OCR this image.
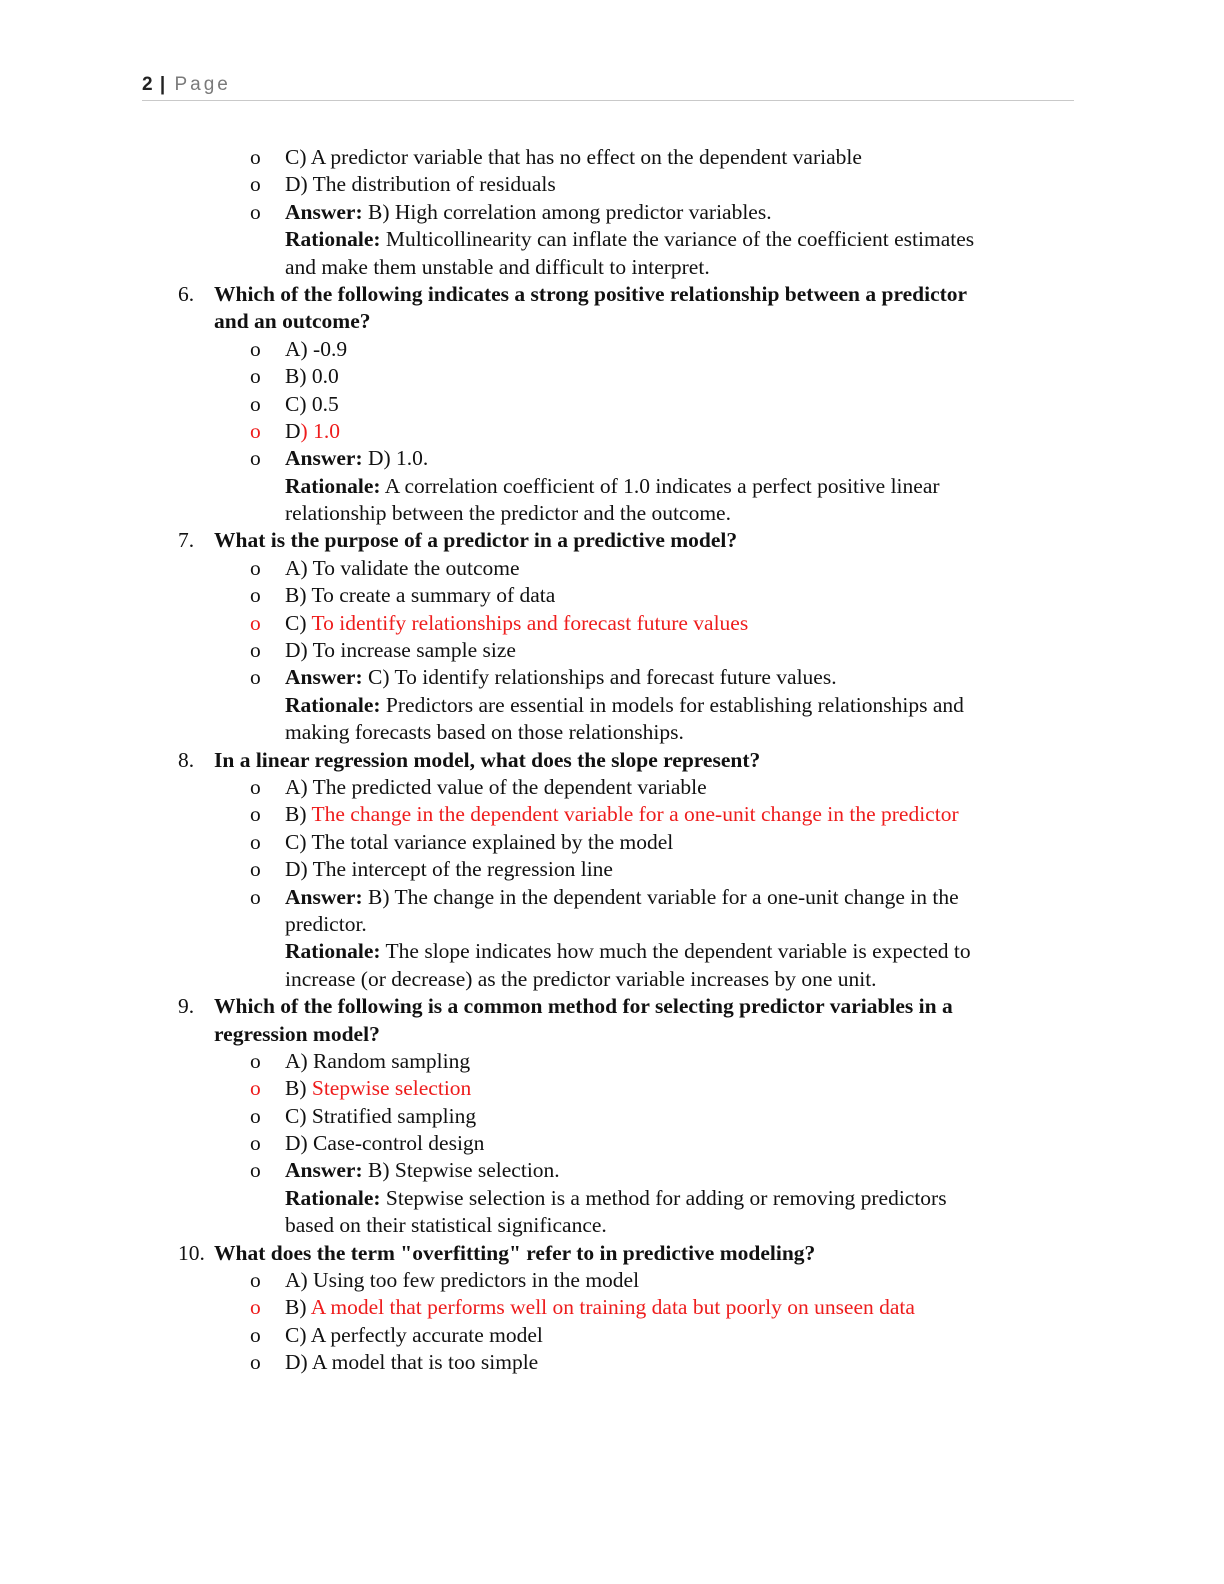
2 | Page
o C) A predictor variable that has no effect on the dependent variable
o D) The distribution of residuals
o Answer: B) High correlation among predictor variables.
Rationale: Multicollinearity can inflate the variance of the coefficient estimates
and make them unstable and difficult to interpret.
6. Which of the following indicates a strong positive relationship between a predictor
and an outcome?
o A) -0.9
o B) 0.0
o C) 0.5
o D) 1.0
o Answer: D) 1.0.
Rationale: A correlation coefficient of 1.0 indicates a perfect positive linear
relationship between the predictor and the outcome.
7. What is the purpose of a predictor in a predictive model?
o A) To validate the outcome
o B) To create a summary of data
o C) To identify relationships and forecast future values
o D) To increase sample size
o Answer: C) To identify relationships and forecast future values.
Rationale: Predictors are essential in models for establishing relationships and
making forecasts based on those relationships.
8. In a linear regression model, what does the slope represent?
o A) The predicted value of the dependent variable
o B) The change in the dependent variable for a one-unit change in the predictor
o C) The total variance explained by the model
o D) The intercept of the regression line
o Answer: B) The change in the dependent variable for a one-unit change in the
predictor.
Rationale: The slope indicates how much the dependent variable is expected to
increase (or decrease) as the predictor variable increases by one unit.
9. Which of the following is a common method for selecting predictor variables in a
regression model?
o A) Random sampling
o B) Stepwise selection
o C) Stratified sampling
o D) Case-control design
o Answer: B) Stepwise selection.
Rationale: Stepwise selection is a method for adding or removing predictors
based on their statistical significance.
10. What does the term "overfitting" refer to in predictive modeling?
o A) Using too few predictors in the model
o B) A model that performs well on training data but poorly on unseen data
o C) A perfectly accurate model
o D) A model that is too simple
